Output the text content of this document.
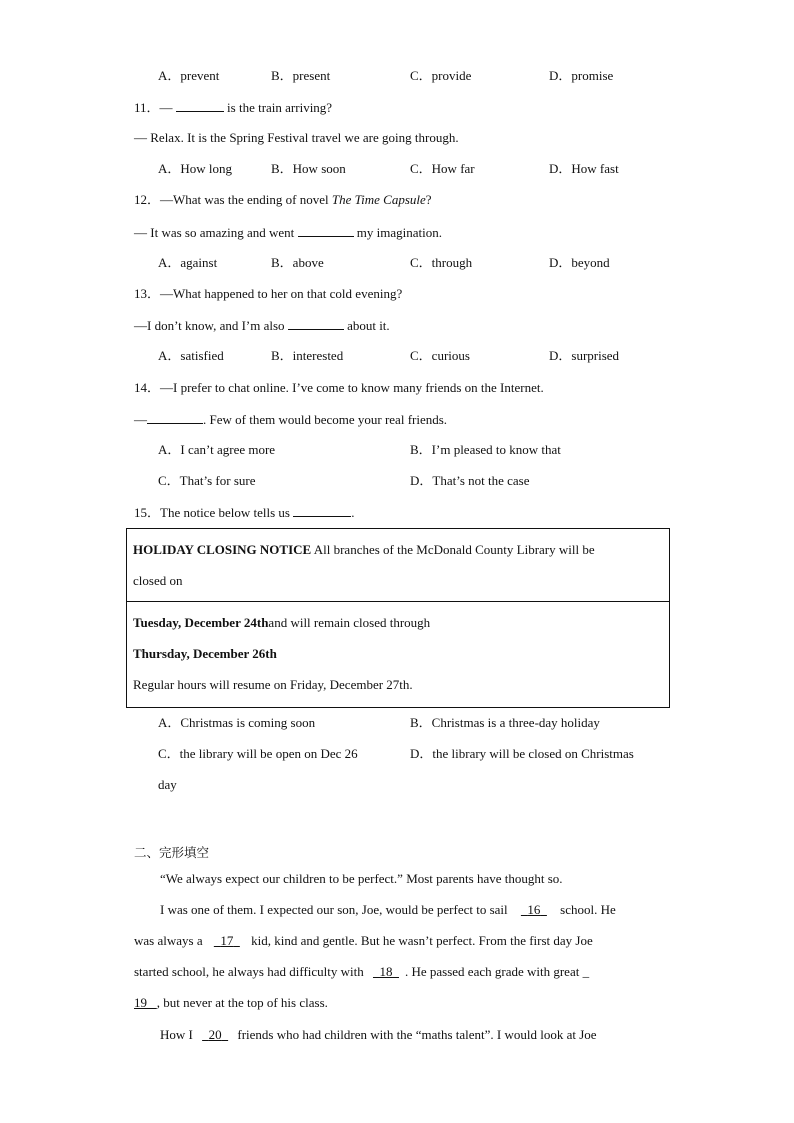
A．prevent	B．present	C．provide	D．promise
11．—	is the train arriving?
— Relax. It is the Spring Festival travel we are going through.
A．How long	B．How soon	C．How far	D．How fast
12．—What was the ending of novel The Time Capsule?
— It was so amazing and went	my imagination.
A．against	B．above	C．through	D．beyond
13．—What happened to her on that cold evening?
—I don’t know, and I’m also	about it.
A．satisfied	B．interested	C．curious	D．surprised
14．—I prefer to chat online. I’ve come to know many friends on the Internet.
—	. Few of them would become your real friends.
A．I can’t agree more	B．I’m pleased to know that
C．That’s for sure	D．That’s not the case
15．The notice below tells us	.
HOLIDAY CLOSING NOTICE All branches of the McDonald County Library will be
closed on
Tuesday, December 24thand will remain closed through
Thursday, December 26th
Regular hours will resume on Friday, December 27th.
A．Christmas is coming soon	B．Christmas is a three-day holiday
C．the library will be open on Dec 26	D．the library will be closed on Christmas
day
二、完形填空
“We always expect our children to be perfect.” Most parents have thought so.
I was one of them. I expected our son, Joe, would be perfect to sail 16 school. He
was always a 17 kid, kind and gentle. But he wasn’t perfect. From the first day Joe
started school, he always had difficulty with 18 . He passed each grade with great _
19 , but never at the top of his class.
How I 20 friends who had children with the “maths talent”. I would look at Joe
